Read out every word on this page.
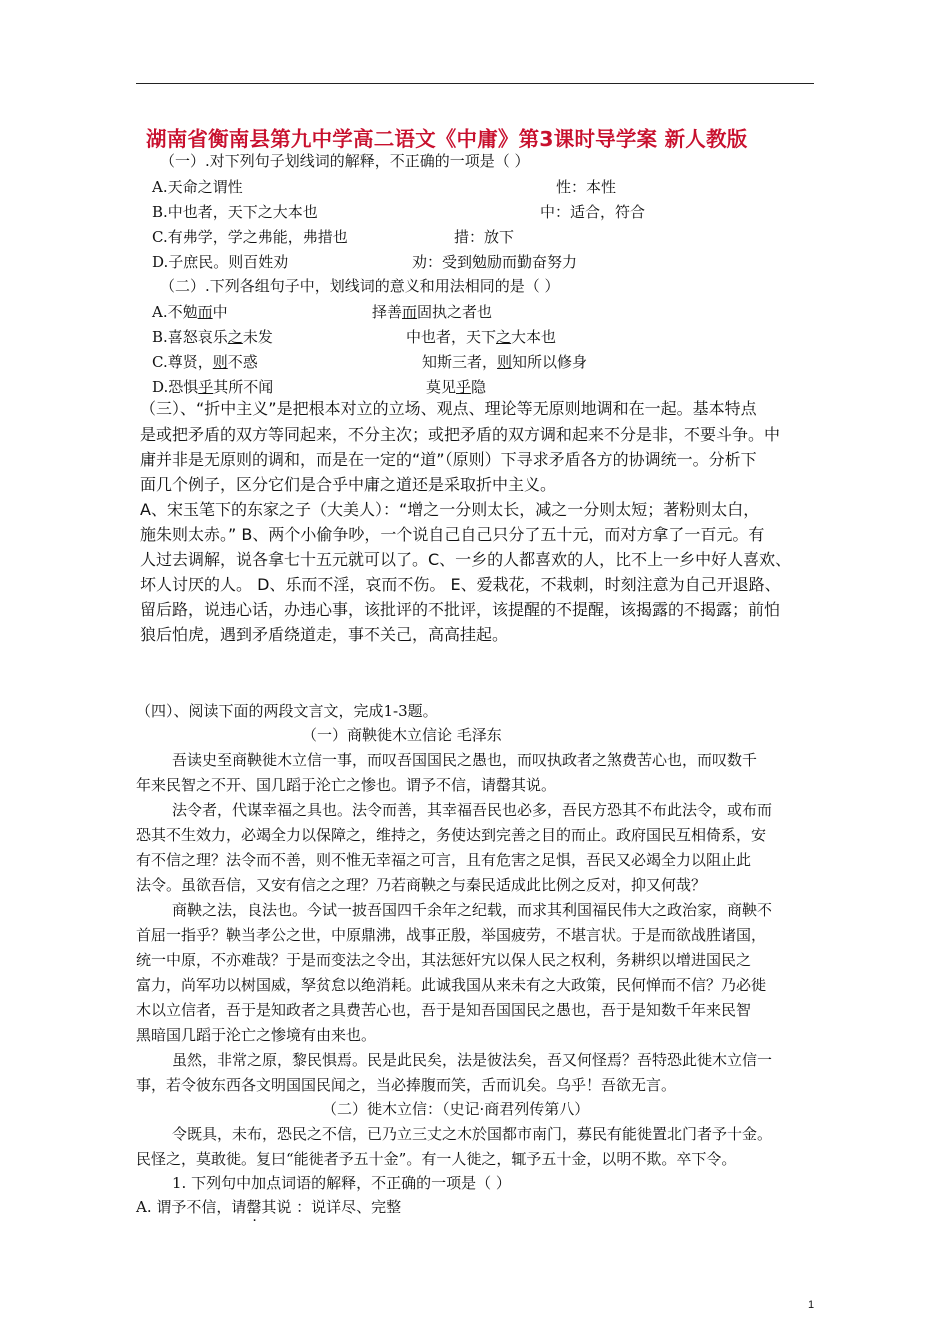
湖南省衡南县第九中学高二语文《中庸》第3课时导学案 新人教版
（一）.对下列句子划线词的解释，不正确的一项是（ ）
A.天命之谓性	性：本性
B.中也者，天下之大本也	中：适合，符合
C.有弗学，学之弗能，弗措也	措：放下
D.子庶民。则百姓劝	劝：受到勉励而勤奋努力
（二）.下列各组句子中，划线词的意义和用法相同的是（ ）
A.不勉而中	择善而固执之者也
B.喜怒哀乐之未发	中也者，天下之大本也
C.尊贤，则不惑	知斯三者，则知所以修身
D.恐惧乎其所不闻	莫见乎隐
（三）、“折中主义”是把根本对立的立场、观点、理论等无原则地调和在一起。基本特点
是或把矛盾的双方等同起来，不分主次；或把矛盾的双方调和起来不分是非，不要斗争。中
庸并非是无原则的调和，而是在一定的“道”（原则）下寻求矛盾各方的协调统一。分析下
面几个例子，区分它们是合乎中庸之道还是采取折中主义。
A、宋玉笔下的东家之子（大美人）：“增之一分则太长，减之一分则太短；著粉则太白，
施朱则太赤。” B、两个小偷争吵，一个说自己自己只分了五十元，而对方拿了一百元。有
人过去调解，说各拿七十五元就可以了。C、一乡的人都喜欢的人，比不上一乡中好人喜欢、
坏人讨厌的人。 D、乐而不淫，哀而不伤。 E、爱栽花，不栽刺，时刻注意为自己开退路、
留后路，说违心话，办违心事，该批评的不批评，该提醒的不提醒，该揭露的不揭露；前怕
狼后怕虎，遇到矛盾绕道走，事不关己，高高挂起。
（四）、阅读下面的两段文言文，完成1-3题。
（一）商鞅徙木立信论 毛泽东
吾读史至商鞅徙木立信一事，而叹吾国国民之愚也，而叹执政者之煞费苦心也，而叹数千
年来民智之不开、国几蹈于沦亡之惨也。谓予不信，请罄其说。
法令者，代谋幸福之具也。法令而善，其幸福吾民也必多，吾民方恐其不布此法令，或布而
恐其不生效力，必竭全力以保障之，维持之，务使达到完善之目的而止。政府国民互相倚系，安
有不信之理？法令而不善，则不惟无幸福之可言，且有危害之足惧，吾民又必竭全力以阻止此
法令。虽欲吾信，又安有信之之理？乃若商鞅之与秦民适成此比例之反对，抑又何哉？
商鞅之法，良法也。今试一披吾国四千余年之纪载，而求其利国福民伟大之政治家，商鞅不
首屈一指乎？鞅当孝公之世，中原鼎沸，战事正殷，举国疲劳，不堪言状。于是而欲战胜诸国，
统一中原，不亦难哉？于是而变法之令出，其法惩奸宄以保人民之权利，务耕织以增进国民之
富力，尚军功以树国威，孥贫怠以绝消耗。此诚我国从来未有之大政策，民何惮而不信？乃必徙
木以立信者，吾于是知政者之具费苦心也，吾于是知吾国国民之愚也，吾于是知数千年来民智
黑暗国几蹈于沦亡之惨境有由来也。
虽然，非常之原，黎民惧焉。民是此民矣，法是彼法矣，吾又何怪焉？吾特恐此徙木立信一
事，若令彼东西各文明国国民闻之，当必捧腹而笑，舌而讥矣。乌乎！吾欲无言。
（二）徙木立信：（史记·商君列传第八）
令既具，未布，恐民之不信，已乃立三丈之木於国都市南门，募民有能徙置北门者予十金。
民怪之，莫敢徙。复曰“能徙者予五十金”。有一人徙之，辄予五十金，以明不欺。卒下令。
1. 下列句中加点词语的解释，不正确的一项是（ ）
A. 谓予不信，请罄其说 ：说详尽、完整
1
